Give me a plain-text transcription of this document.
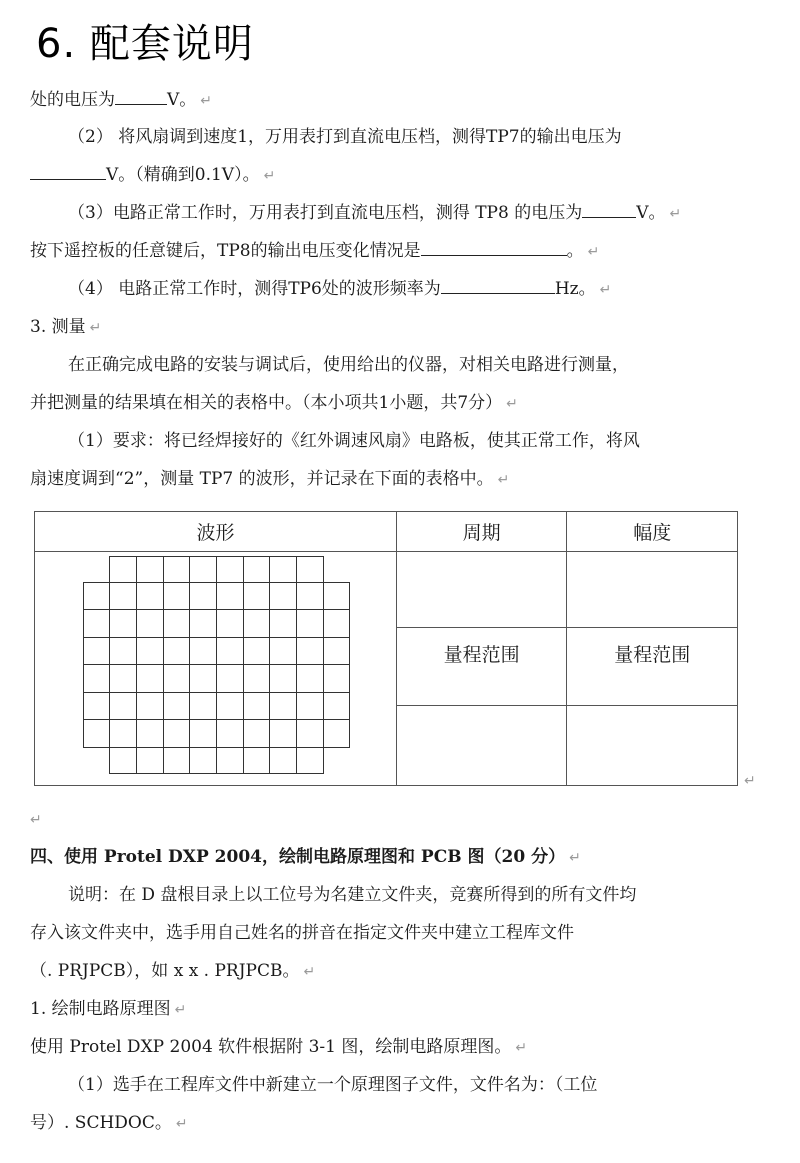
6. 配套说明
处的电压为	V。 ↵
（2） 将风扇调到速度1，万用表打到直流电压档，测得TP7的输出电压为
V。（精确到0.1V）。 ↵
（3）电路正常工作时，万用表打到直流电压档，测得 TP8 的电压为	V。 ↵
按下遥控板的任意键后，TP8的输出电压变化情况是	。 ↵
（4） 电路正常工作时，测得TP6处的波形频率为	Hz。 ↵
3. 测量 ↵
在正确完成电路的安装与调试后，使用给出的仪器，对相关电路进行测量，
并把测量的结果填在相关的表格中。（本小项共1小题，共7分） ↵
（1）要求：将已经焊接好的《红外调速风扇》电路板，使其正常工作，将风
扇速度调到“2”，测量 TP7 的波形，并记录在下面的表格中。 ↵
波形	周期	幅度

	量程范围	量程范围

↵
↵
四、使用 Protel DXP 2004，绘制电路原理图和 PCB 图（20 分） ↵
说明：在 D 盘根目录上以工位号为名建立文件夹，竞赛所得到的所有文件均
存入该文件夹中，选手用自己姓名的拼音在指定文件夹中建立工程库文件
（. PRJPCB），如 x x . PRJPCB。 ↵
1. 绘制电路原理图 ↵
使用 Protel DXP 2004 软件根据附 3-1 图，绘制电路原理图。 ↵
（1）选手在工程库文件中新建立一个原理图子文件，文件名为：（工位
号）. SCHDOC。 ↵
